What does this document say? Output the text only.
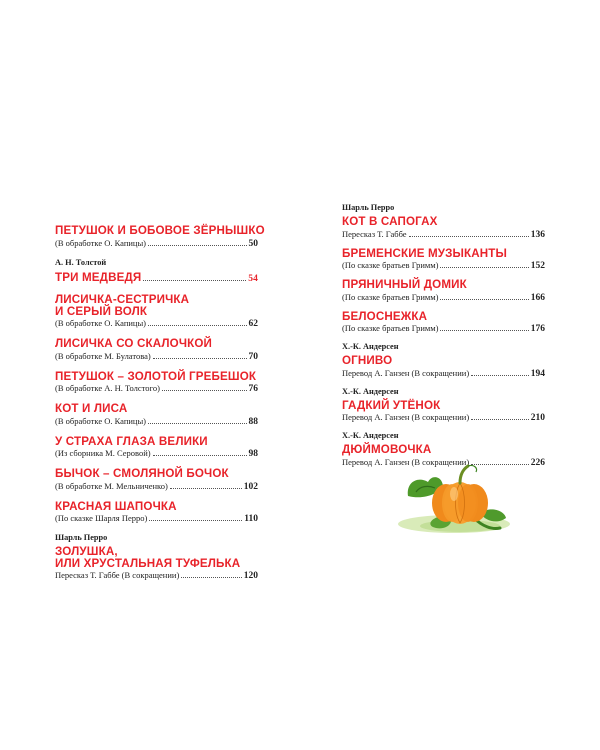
ПЕТУШОК И БОБОВОЕ ЗЁРНЫШКО
(В обработке О. Капицы)	50
А. Н. Толстой
ТРИ МЕДВЕДЯ	54
ЛИСИЧКА-СЕСТРИЧКА
И СЕРЫЙ ВОЛК
(В обработке О. Капицы)	62
ЛИСИЧКА СО СКАЛОЧКОЙ
(В обработке М. Булатова)	70
ПЕТУШОК – ЗОЛОТОЙ ГРЕБЕШОК
(В обработке А. Н. Толстого)	76
КОТ И ЛИСА
(В обработке О. Капицы)	88
У СТРАХА ГЛАЗА ВЕЛИКИ
(Из сборника М. Серовой)	98
БЫЧОК – СМОЛЯНОЙ БОЧОК
(В обработке М. Мельниченко)	102
КРАСНАЯ ШАПОЧКА
(По сказке Шарля Перро)	110
Шарль Перро
ЗОЛУШКА,
ИЛИ ХРУСТАЛЬНАЯ ТУФЕЛЬКА
Пересказ Т. Габбе (В сокращении)	120
Шарль Перро
КОТ В САПОГАХ
Пересказ Т. Габбе	136
БРЕМЕНСКИЕ МУЗЫКАНТЫ
(По сказке братьев Гримм)	152
ПРЯНИЧНЫЙ ДОМИК
(По сказке братьев Гримм)	166
БЕЛОСНЕЖКА
(По сказке братьев Гримм)	176
Х.-К. Андерсен
ОГНИВО
Перевод А. Ганзен (В сокращении)	194
Х.-К. Андерсен
ГАДКИЙ УТЁНОК
Перевод А. Ганзен (В сокращении)	210
Х.-К. Андерсен
ДЮЙМОВОЧКА
Перевод А. Ганзен (В сокращении)	226
